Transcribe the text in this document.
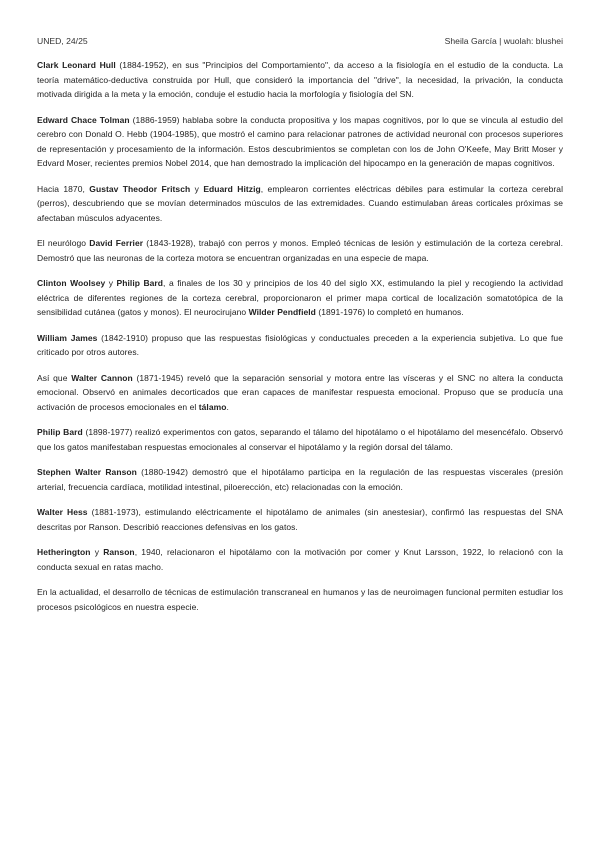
UNED, 24/25	Sheila García | wuolah: blushei

Clark Leonard Hull (1884-1952), en sus "Principios del Comportamiento", da acceso a la fisiología en el estudio de la conducta. La teoría matemático-deductiva construida por Hull, que consideró la importancia del "drive", la necesidad, la privación, la conducta motivada dirigida a la meta y la emoción, conduje el estudio hacia la morfología y fisiología del SN.

Edward Chace Tolman (1886-1959) hablaba sobre la conducta propositiva y los mapas cognitivos, por lo que se vincula al estudio del cerebro con Donald O. Hebb (1904-1985), que mostró el camino para relacionar patrones de actividad neuronal con procesos superiores de representación y procesamiento de la información. Estos descubrimientos se completan con los de John O'Keefe, May Britt Moser y Edvard Moser, recientes premios Nobel 2014, que han demostrado la implicación del hipocampo en la generación de mapas cognitivos.

Hacia 1870, Gustav Theodor Fritsch y Eduard Hitzig, emplearon corrientes eléctricas débiles para estimular la corteza cerebral (perros), descubriendo que se movían determinados músculos de las extremidades. Cuando estimulaban áreas corticales próximas se afectaban músculos adyacentes.

El neurólogo David Ferrier (1843-1928), trabajó con perros y monos. Empleó técnicas de lesión y estimulación de la corteza cerebral. Demostró que las neuronas de la corteza motora se encuentran organizadas en una especie de mapa.

Clinton Woolsey y Philip Bard, a finales de los 30 y principios de los 40 del siglo XX, estimulando la piel y recogiendo la actividad eléctrica de diferentes regiones de la corteza cerebral, proporcionaron el primer mapa cortical de localización somatotópica de la sensibilidad cutánea (gatos y monos). El neurocirujano Wilder Pendfield (1891-1976) lo completó en humanos.

William James (1842-1910) propuso que las respuestas fisiológicas y conductuales preceden a la experiencia subjetiva. Lo que fue criticado por otros autores.

Así que Walter Cannon (1871-1945) reveló que la separación sensorial y motora entre las vísceras y el SNC no altera la conducta emocional. Observó en animales decorticados que eran capaces de manifestar respuesta emocional. Propuso que se producía una activación de procesos emocionales en el tálamo.

Philip Bard (1898-1977) realizó experimentos con gatos, separando el tálamo del hipotálamo o el hipotálamo del mesencéfalo. Observó que los gatos manifestaban respuestas emocionales al conservar el hipotálamo y la región dorsal del tálamo.

Stephen Walter Ranson (1880-1942) demostró que el hipotálamo participa en la regulación de las respuestas viscerales (presión arterial, frecuencia cardíaca, motilidad intestinal, piloerección, etc) relacionadas con la emoción.

Walter Hess (1881-1973), estimulando eléctricamente el hipotálamo de animales (sin anestesiar), confirmó las respuestas del SNA descritas por Ranson. Describió reacciones defensivas en los gatos.

Hetherington y Ranson, 1940, relacionaron el hipotálamo con la motivación por comer y Knut Larsson, 1922, lo relacionó con la conducta sexual en ratas macho.

En la actualidad, el desarrollo de técnicas de estimulación transcraneal en humanos y las de neuroimagen funcional permiten estudiar los procesos psicológicos en nuestra especie.
